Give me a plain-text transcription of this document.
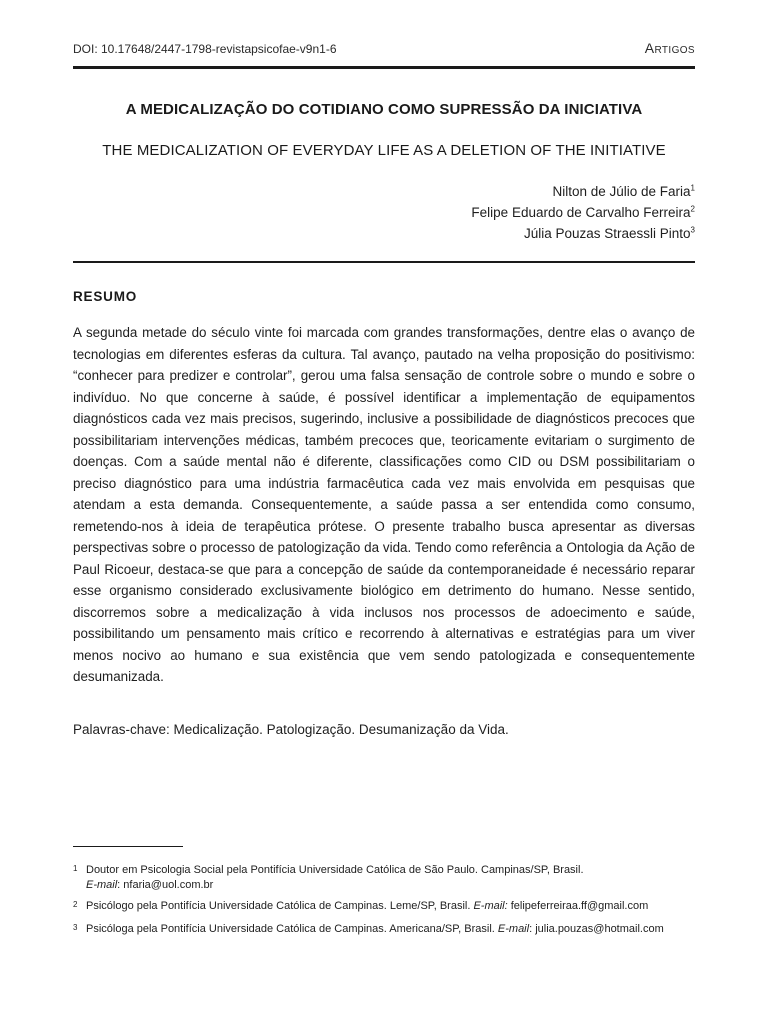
DOI: 10.17648/2447-1798-revistapsicofae-v9n1-6	Artigos
A MEDICALIZAÇÃO DO COTIDIANO COMO SUPRESSÃO DA INICIATIVA
THE MEDICALIZATION OF EVERYDAY LIFE AS A DELETION OF THE INITIATIVE
Nilton de Júlio de Faria$^1$
Felipe Eduardo de Carvalho Ferreira$^2$
Júlia Pouzas Straessli Pinto$^3$
RESUMO

A segunda metade do século vinte foi marcada com grandes transformações, dentre elas o avanço de tecnologias em diferentes esferas da cultura. Tal avanço, pautado na velha proposição do positivismo: “conhecer para predizer e controlar”, gerou uma falsa sensação de controle sobre o mundo e sobre o indivíduo. No que concerne à saúde, é possível identificar a implementação de equipamentos diagnósticos cada vez mais precisos, sugerindo, inclusive a possibilidade de diagnósticos precoces que possibilitariam intervenções médicas, também precoces que, teoricamente evitariam o surgimento de doenças. Com a saúde mental não é diferente, classificações como CID ou DSM possibilitariam o preciso diagnóstico para uma indústria farmacêutica cada vez mais envolvida em pesquisas que atendam a esta demanda. Consequentemente, a saúde passa a ser entendida como consumo, remetendo-nos à ideia de terapêutica prótese. O presente trabalho busca apresentar as diversas perspectivas sobre o processo de patologização da vida. Tendo como referência a Ontologia da Ação de Paul Ricoeur, destaca-se que para a concepção de saúde da contemporaneidade é necessário reparar esse organismo considerado exclusivamente biológico em detrimento do humano. Nesse sentido, discorremos sobre a medicalização à vida inclusos nos processos de adoecimento e saúde, possibilitando um pensamento mais crítico e recorrendo à alternativas e estratégias para um viver menos nocivo ao humano e sua existência que vem sendo patologizada e consequentemente desumanizada.

Palavras-chave: Medicalização. Patologização. Desumanização da Vida.

1 Doutor em Psicologia Social pela Pontifícia Universidade Católica de São Paulo. Campinas/SP, Brasil.
E-mail: nfaria@uol.com.br
2 Psicólogo pela Pontifícia Universidade Católica de Campinas. Leme/SP, Brasil. E-mail: felipeferreiraa.ff@gmail.com
3 Psicóloga pela Pontifícia Universidade Católica de Campinas. Americana/SP, Brasil. E-mail: julia.pouzas@hotmail.com
